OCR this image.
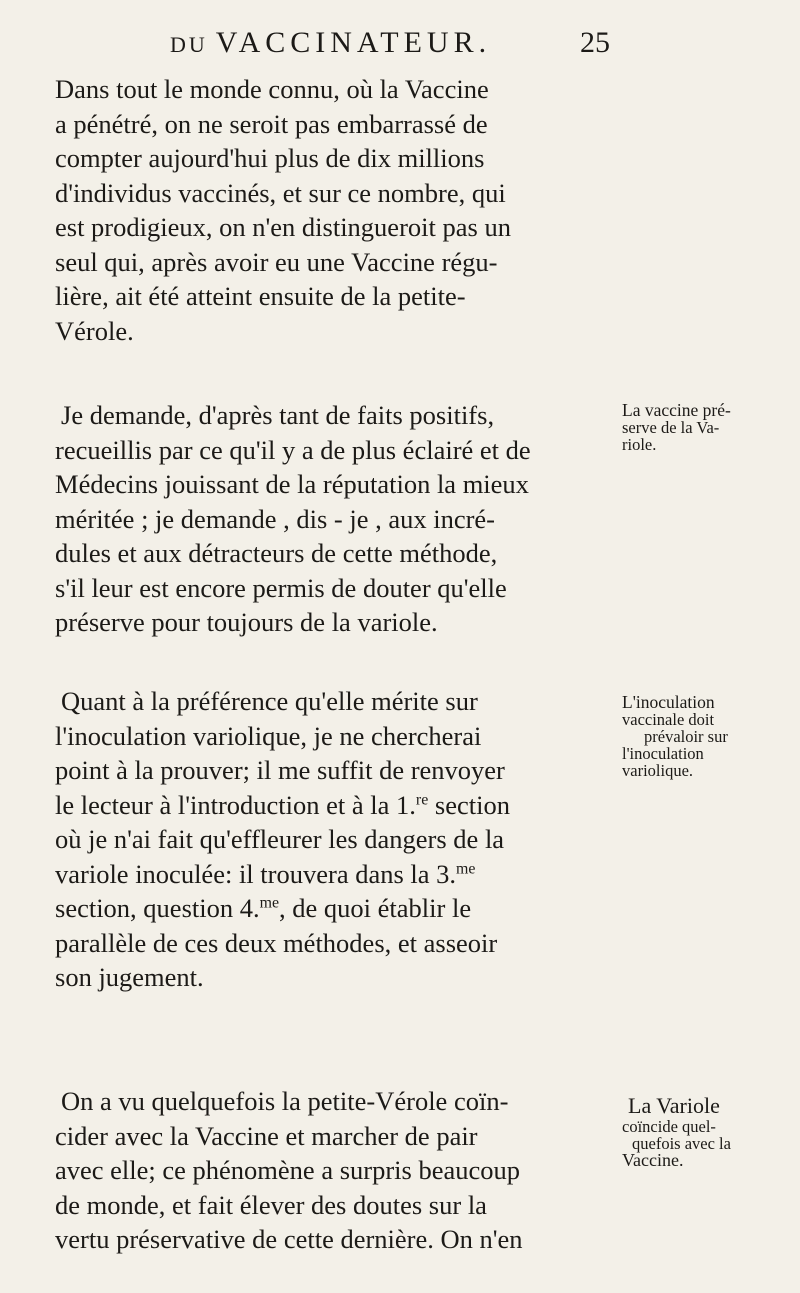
DU VACCINATEUR.	25
Dans tout le monde connu, où la Vaccine
a pénétré, on ne seroit pas embarrassé de
compter aujourd'hui plus de dix millions
d'individus vaccinés, et sur ce nombre, qui
est prodigieux, on n'en distingueroit pas un
seul qui, après avoir eu une Vaccine régu-
lière, ait été atteint ensuite de la petite-
Vérole.
Je demande, d'après tant de faits positifs,
recueillis par ce qu'il y a de plus éclairé et de
Médecins jouissant de la réputation la mieux
méritée ; je demande , dis - je , aux incré-
dules et aux détracteurs de cette méthode,
s'il leur est encore permis de douter qu'elle
préserve pour toujours de la variole.
La vaccine pré-
serve de la Va-
riole.
Quant à la préférence qu'elle mérite sur
l'inoculation variolique, je ne chercherai
point à la prouver; il me suffit de renvoyer
le lecteur à l'introduction et à la 1.$^{re}$ section
où je n'ai fait qu'effleurer les dangers de la
variole inoculée: il trouvera dans la 3.$^{me}$
section, question 4.$^{me}$, de quoi établir le
parallèle de ces deux méthodes, et asseoir
son jugement.
L'inoculation
vaccinale doit
prévaloir sur
l'inoculation
variolique.
On a vu quelquefois la petite-Vérole coïn-
cider avec la Vaccine et marcher de pair
avec elle; ce phénomène a surpris beaucoup
de monde, et fait élever des doutes sur la
vertu préservative de cette dernière. On n'en
La Variole
coïncide quel-
quefois avec la
Vaccine.
